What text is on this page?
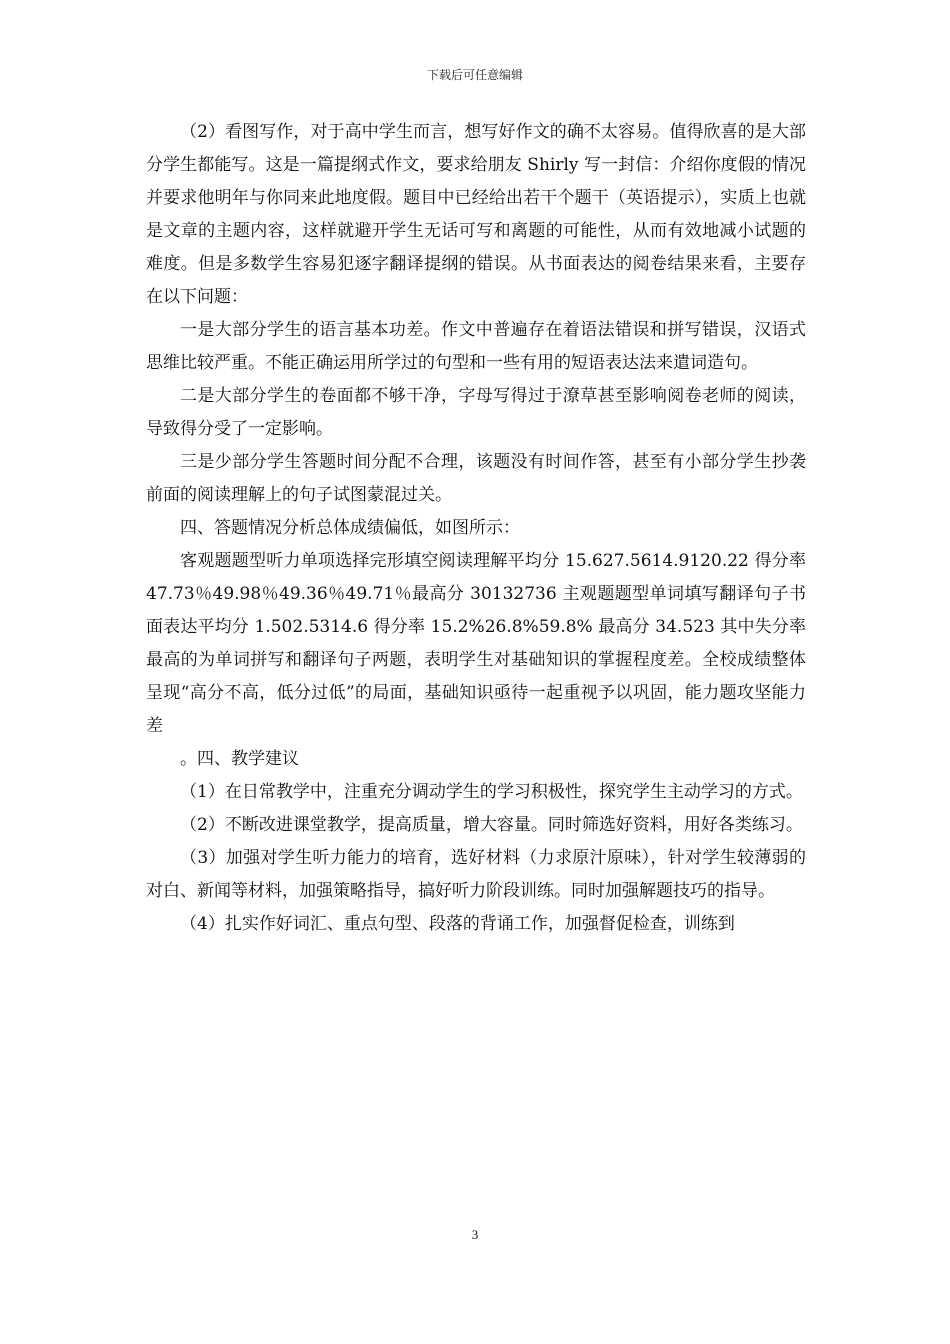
下载后可任意编辑

（2）看图写作，对于高中学生而言，想写好作文的确不太容易。值得欣喜的是大部分学生都能写。这是一篇提纲式作文，要求给朋友 Shirly 写一封信：介绍你度假的情况并要求他明年与你同来此地度假。题目中已经给出若干个题干（英语提示），实质上也就是文章的主题内容，这样就避开学生无话可写和离题的可能性，从而有效地减小试题的难度。但是多数学生容易犯逐字翻译提纲的错误。从书面表达的阅卷结果来看，主要存在以下问题：

一是大部分学生的语言基本功差。作文中普遍存在着语法错误和拼写错误，汉语式思维比较严重。不能正确运用所学过的句型和一些有用的短语表达法来遣词造句。

二是大部分学生的卷面都不够干净，字母写得过于潦草甚至影响阅卷老师的阅读，导致得分受了一定影响。

三是少部分学生答题时间分配不合理，该题没有时间作答，甚至有小部分学生抄袭前面的阅读理解上的句子试图蒙混过关。

四、答题情况分析总体成绩偏低，如图所示：

客观题题型听力单项选择完形填空阅读理解平均分 15.627.5614.9120.22 得分率 47.73％49.98％49.36％49.71％最高分 30132736 主观题题型单词填写翻译句子书面表达平均分 1.502.5314.6 得分率 15.2%26.8%59.8% 最高分 34.523 其中失分率最高的为单词拼写和翻译句子两题，表明学生对基础知识的掌握程度差。全校成绩整体呈现“高分不高，低分过低”的局面，基础知识亟待一起重视予以巩固，能力题攻坚能力差

。四、教学建议

（1）在日常教学中，注重充分调动学生的学习积极性，探究学生主动学习的方式。

（2）不断改进课堂教学，提高质量，增大容量。同时筛选好资料，用好各类练习。

（3）加强对学生听力能力的培育，选好材料（力求原汁原味），针对学生较薄弱的对白、新闻等材料，加强策略指导，搞好听力阶段训练。同时加强解题技巧的指导。

（4）扎实作好词汇、重点句型、段落的背诵工作，加强督促检查，训练到

3
